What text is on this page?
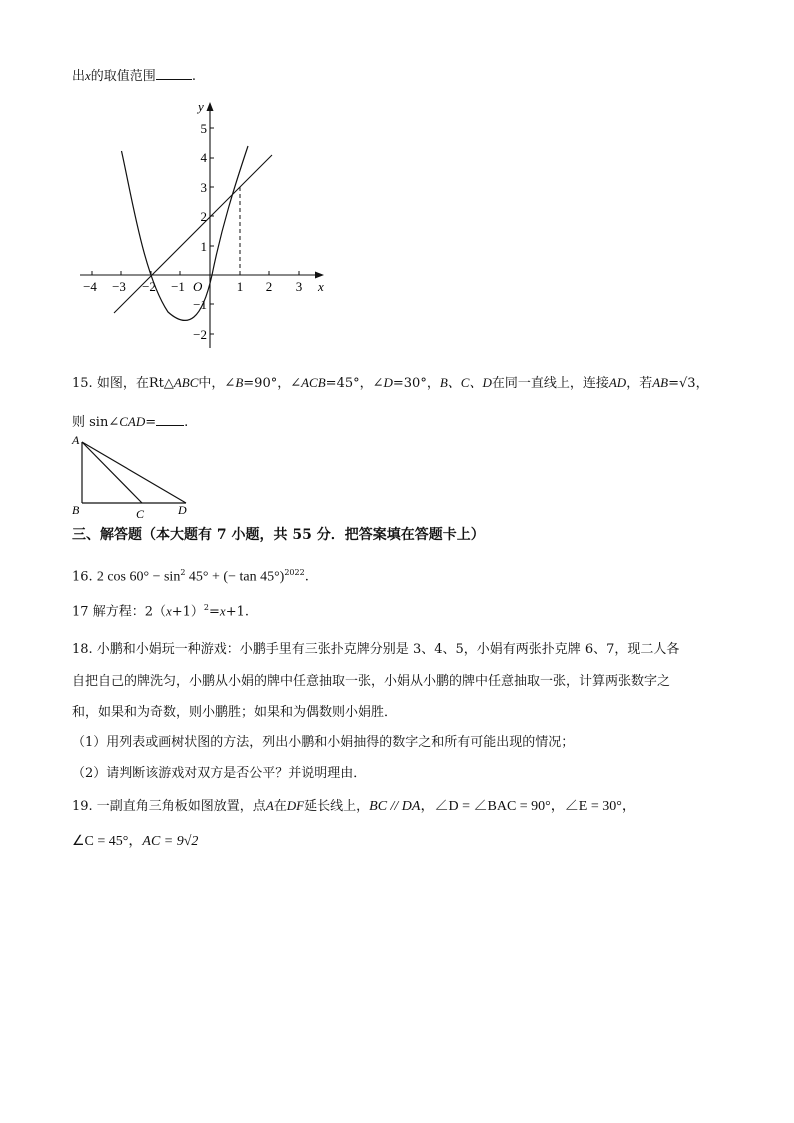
出x的取值范围	.
y
x
O
−4 −3 −2 −1	1 2 3
5
4
3
2
1
−1
−2
15. 如图，在Rt△ABC中，∠B=90°，∠ACB=45°，∠D=30°，B、C、D在同一直线上，连接AD，若AB=√3，
则 sin∠CAD= .
A
B	C	D
三、解答题（本大题有 7 小题，共 55 分．把答案填在答题卡上）
16. 2 $\cos 60^\circ - \sin^2 45^\circ$ + (− tan 45°)$^{2022}$.
17 解方程：$2(x+1)^2=x+1$.
18. 小鹏和小娟玩一种游戏：小鹏手里有三张扑克牌分别是 3、4、5，小娟有两张扑克牌 6、7，现二人各
自把自己的牌洗匀，小鹏从小娟的牌中任意抽取一张，小娟从小鹏的牌中任意抽取一张，计算两张数字之
和，如果和为奇数，则小鹏胜；如果和为偶数则小娟胜．
（1）用列表或画树状图的方法，列出小鹏和小娟抽得的数字之和所有可能出现的情况；
（2）请判断该游戏对双方是否公平？并说明理由．
19. 一副直角三角板如图放置，点A在DF延长线上，BC // DA，∠D = ∠BAC = 90°，∠E = 30°，
∠C = 45°，AC = 9√2
